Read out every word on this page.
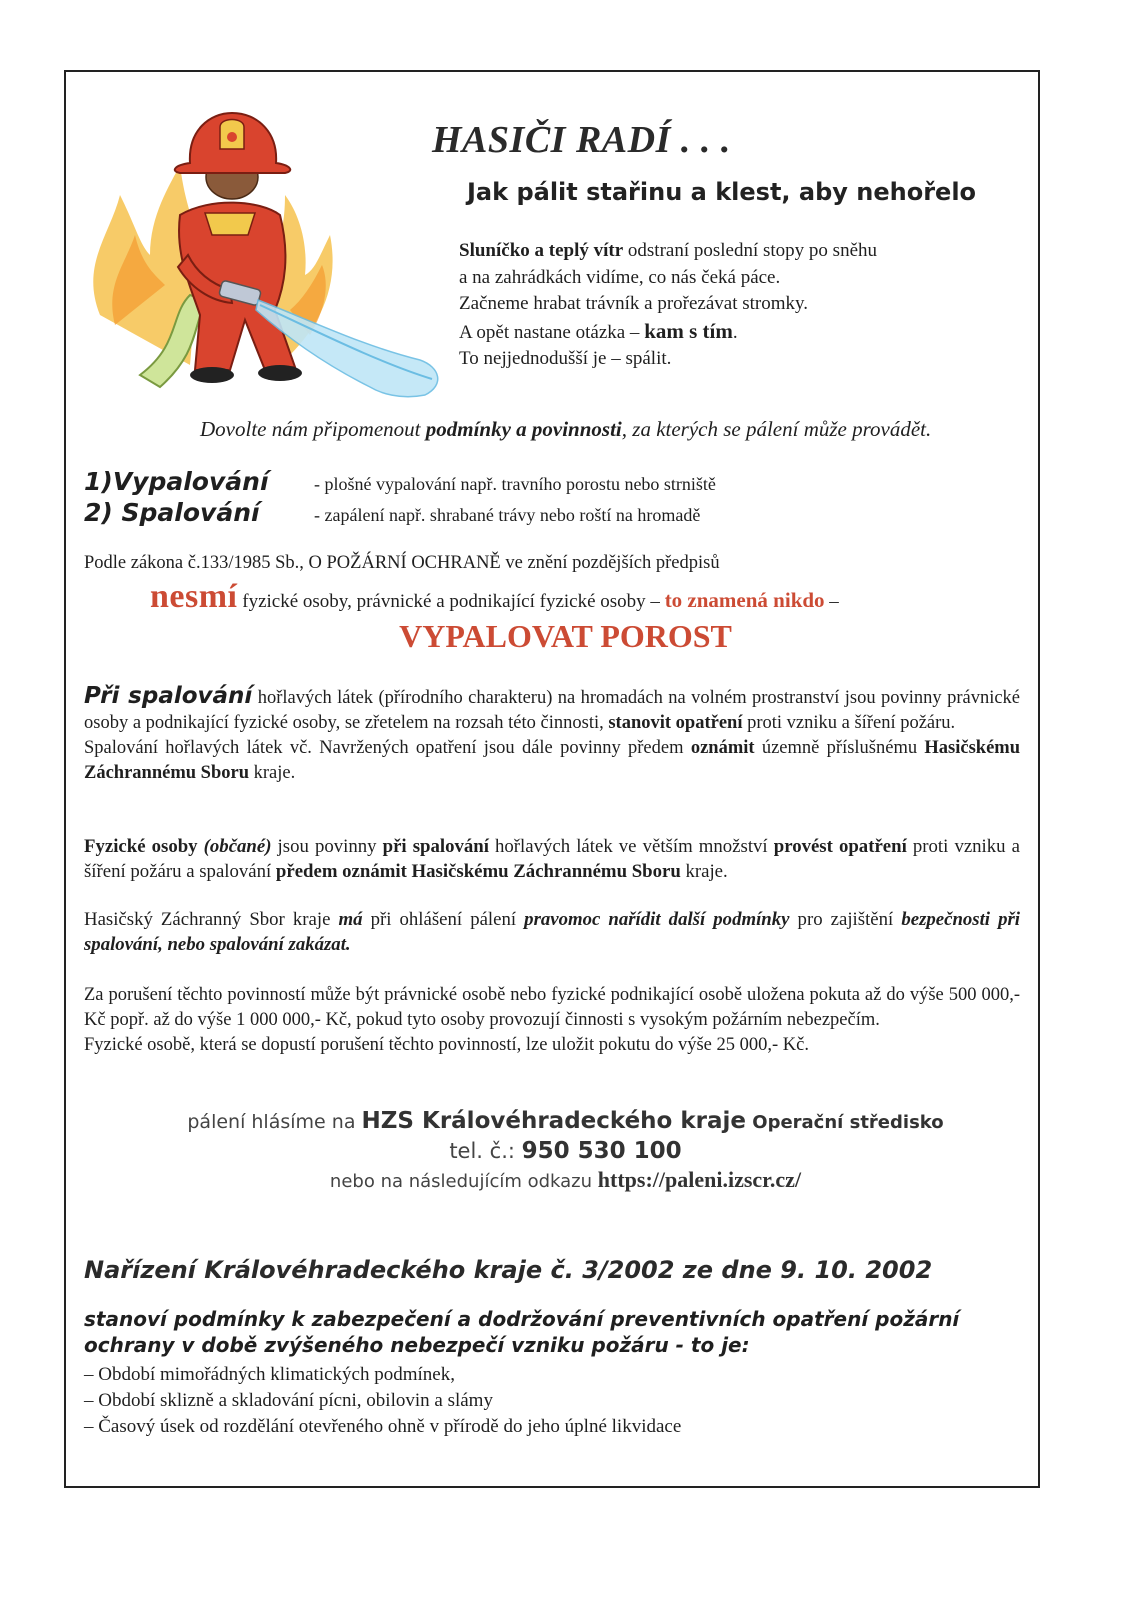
HASIČI RADÍ . . .
Jak pálit stařinu a klest, aby nehořelo
Sluníčko a teplý vítr odstraní poslední stopy po sněhu
a na zahrádkách vidíme, co nás čeká páce.
Začneme hrabat trávník a prořezávat stromky.
A opět nastane otázka – kam s tím.
To nejjednodušší je – spálit.
Dovolte nám připomenout podmínky a povinnosti, za kterých se pálení může provádět.
1)Vypalování	- plošné vypalování např. travního porostu nebo strniště
2) Spalování	- zapálení např. shrabané trávy nebo roští na hromadě
Podle zákona č.133/1985 Sb., O POŽÁRNÍ OCHRANĚ ve znění pozdějších předpisů
nesmí fyzické osoby, právnické a podnikající fyzické osoby – to znamená nikdo –
VYPALOVAT POROST
Při spalování hořlavých látek (přírodního charakteru) na hromadách na volném prostranství jsou povinny právnické osoby a podnikající fyzické osoby, se zřetelem na rozsah této činnosti, stanovit opatření proti vzniku a šíření požáru.
Spalování hořlavých látek vč. Navržených opatření jsou dále povinny předem oznámit územně příslušnému Hasičskému Záchrannému Sboru kraje.
Fyzické osoby (občané) jsou povinny při spalování hořlavých látek ve větším množství provést opatření proti vzniku a šíření požáru a spalování předem oznámit Hasičskému Záchrannému Sboru kraje.
Hasičský Záchranný Sbor kraje má při ohlášení pálení pravomoc nařídit další podmínky pro zajištění bezpečnosti při spalování, nebo spalování zakázat.
Za porušení těchto povinností může být právnické osobě nebo fyzické podnikající osobě uložena pokuta až do výše 500 000,- Kč popř. až do výše 1 000 000,- Kč, pokud tyto osoby provozují činnosti s vysokým požárním nebezpečím.
Fyzické osobě, která se dopustí porušení těchto povinností, lze uložit pokutu do výše 25 000,- Kč.
pálení hlásíme na HZS Královéhradeckého kraje Operační středisko
tel. č.: 950 530 100
nebo na následujícím odkazu https://paleni.izscr.cz/
Nařízení Královéhradeckého kraje č. 3/2002 ze dne 9. 10. 2002
stanoví podmínky k zabezpečení a dodržování preventivních opatření požární ochrany v době zvýšeného nebezpečí vzniku požáru - to je:
– Období mimořádných klimatických podmínek,
– Období sklizně a skladování pícni, obilovin a slámy
– Časový úsek od rozdělání otevřeného ohně v přírodě do jeho úplné likvidace
